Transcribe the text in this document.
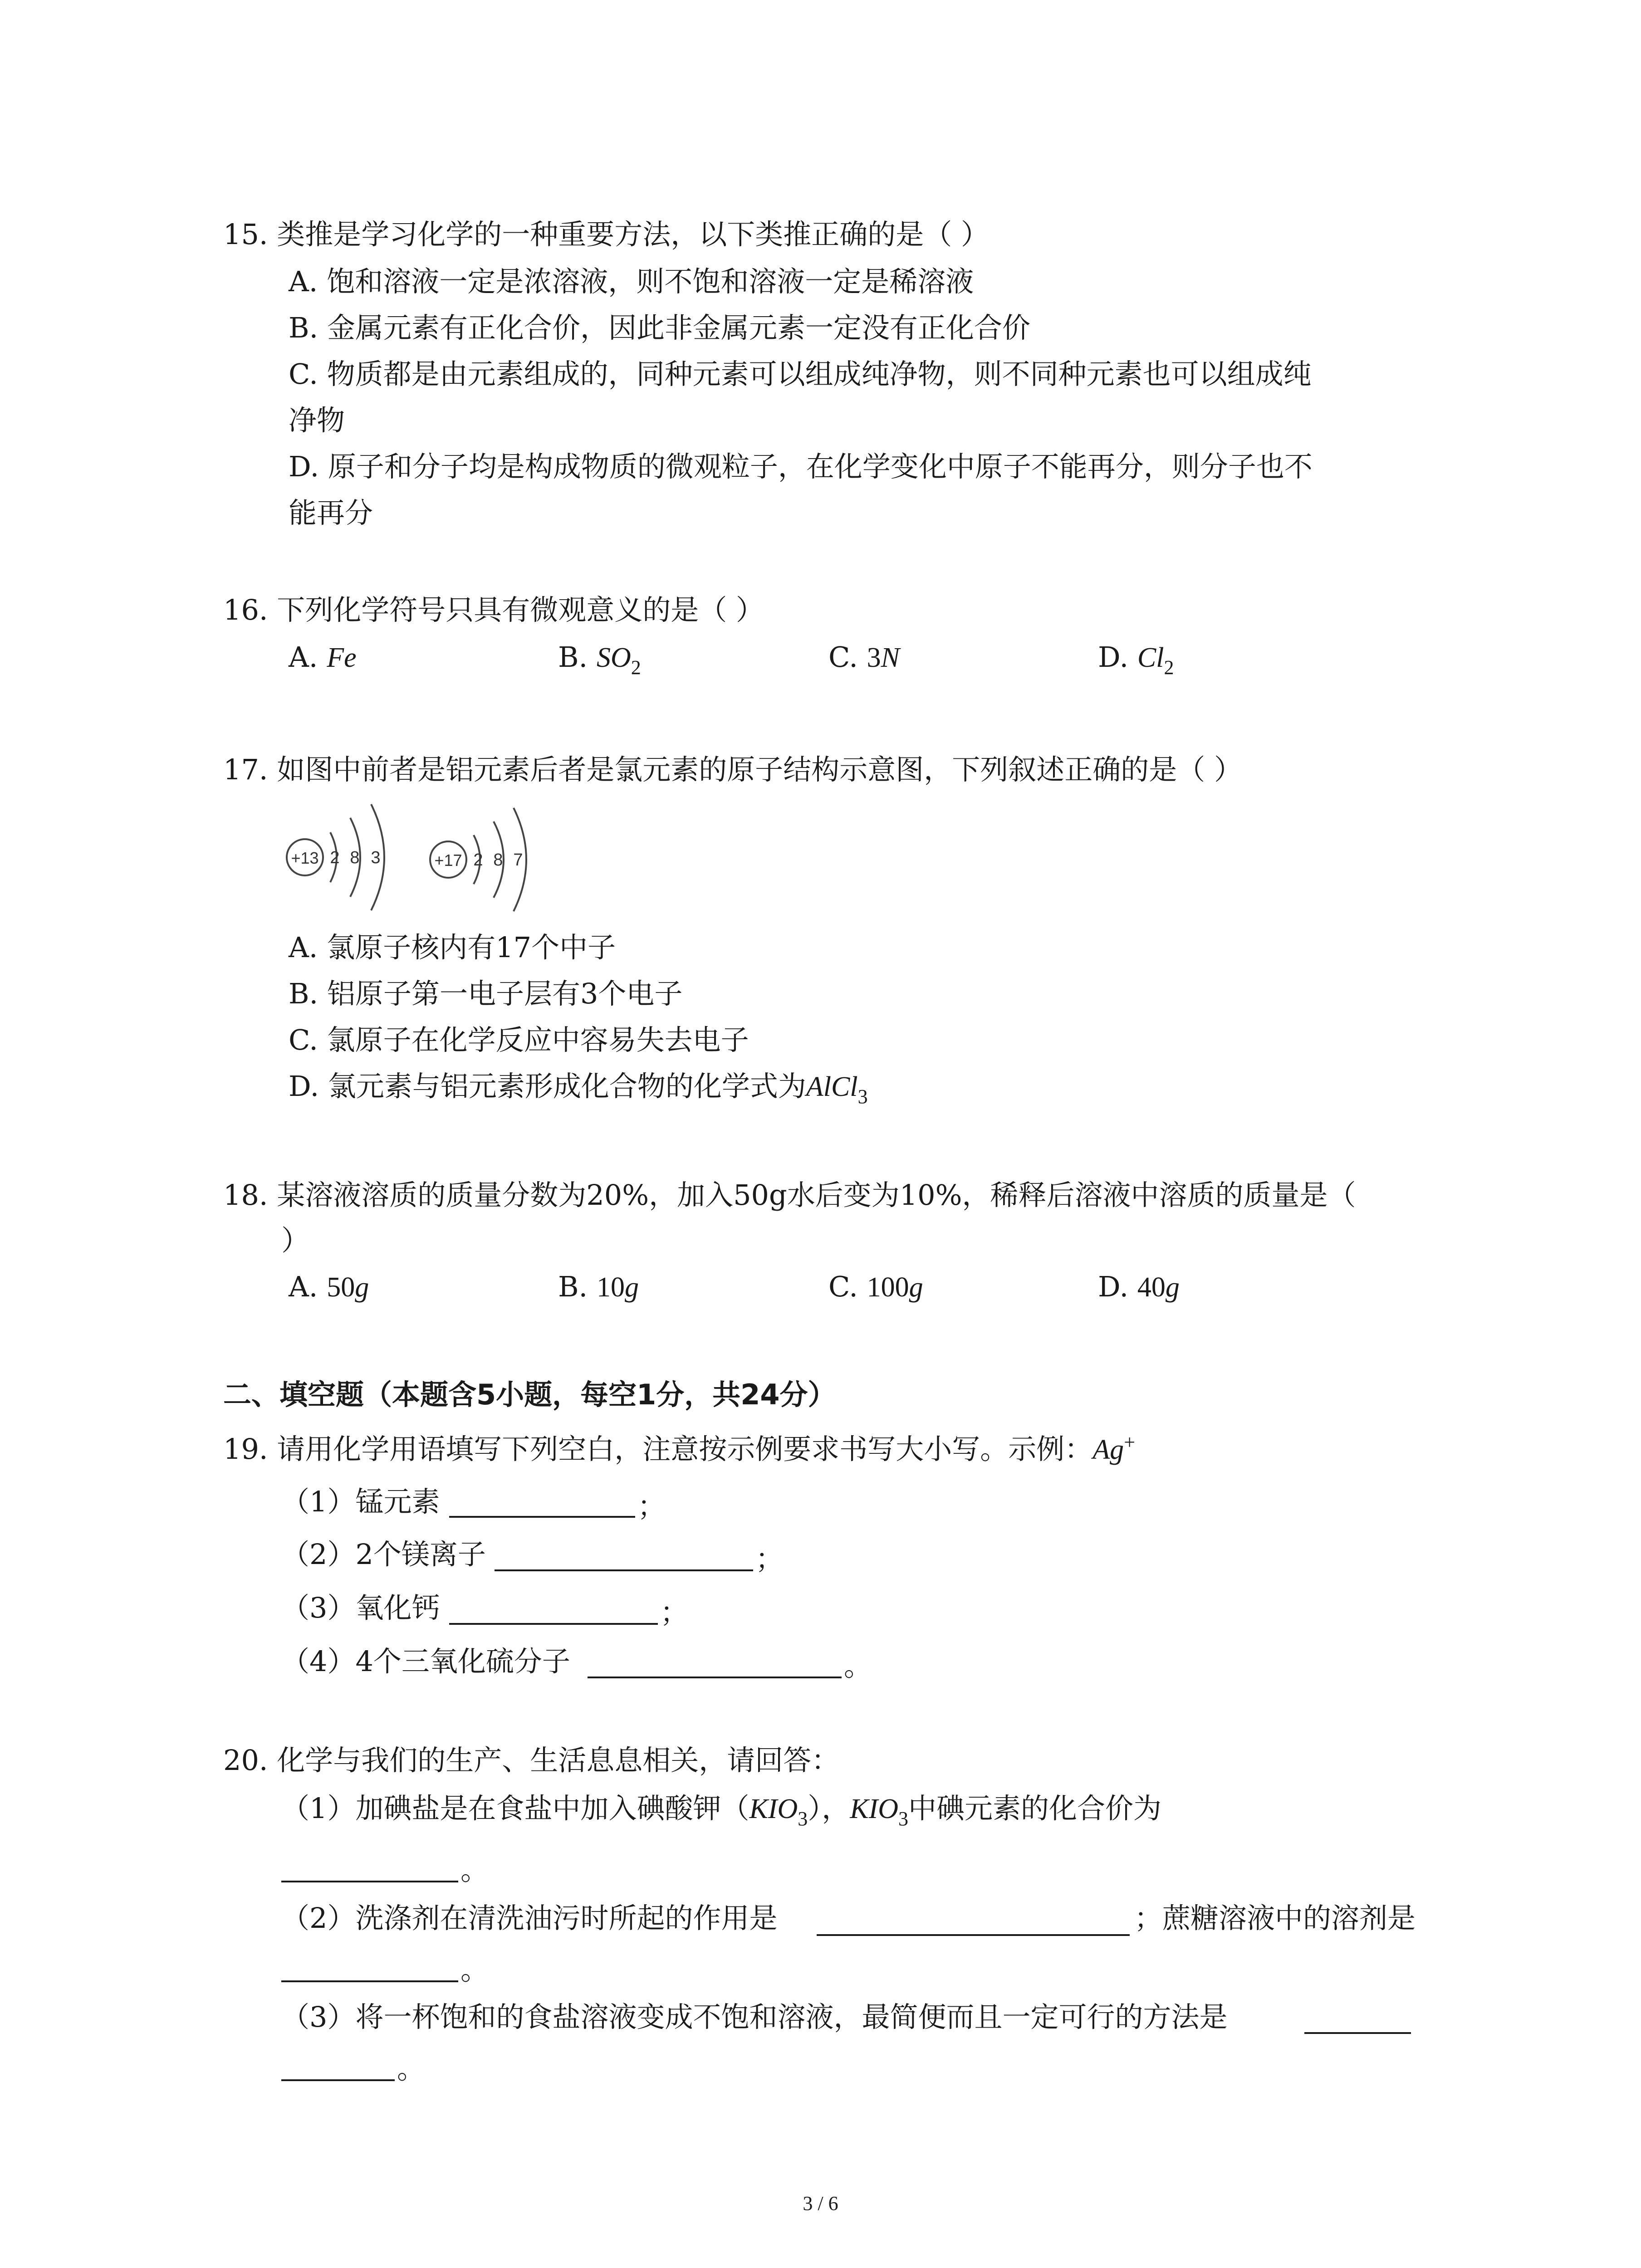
15. 类推是学习化学的一种重要方法，以下类推正确的是（ ）
A. 饱和溶液一定是浓溶液，则不饱和溶液一定是稀溶液
B. 金属元素有正化合价，因此非金属元素一定没有正化合价
C. 物质都是由元素组成的，同种元素可以组成纯净物，则不同种元素也可以组成纯
净物
D. 原子和分子均是构成物质的微观粒子，在化学变化中原子不能再分，则分子也不
能再分
16. 下列化学符号只具有微观意义的是（ ）
A. Fe	B. $SO_2$	C. 3N	D. $Cl_2$
17. 如图中前者是铝元素后者是氯元素的原子结构示意图，下列叙述正确的是（ ）
+13 2 8 3	+17 2 8 7
A. 氯原子核内有17个中子
B. 铝原子第一电子层有3个电子
C. 氯原子在化学反应中容易失去电子
D. 氯元素与铝元素形成化合物的化学式为AlCl$_3$
18. 某溶液溶质的质量分数为20%，加入50g水后变为10%，稀释后溶液中溶质的质量是（
）
A. 50g	B. 10g	C. 100g	D. 40g
二、填空题（本题含5小题，每空1分，共24分）
19. 请用化学用语填写下列空白，注意按示例要求书写大小写。示例：Ag+
（1）锰元素	；
（2）2个镁离子	；
（3）氧化钙	；
（4）4个三氧化硫分子	。
20. 化学与我们的生产、生活息息相关，请回答：
（1）加碘盐是在食盐中加入碘酸钾$(KIO_3)$，$KIO_3$中碘元素的化合价为
。
（2）洗涤剂在清洗油污时所起的作用是	；蔗糖溶液中的溶剂是
。
（3）将一杯饱和的食盐溶液变成不饱和溶液，最简便而且一定可行的方法是
。
3 / 6
